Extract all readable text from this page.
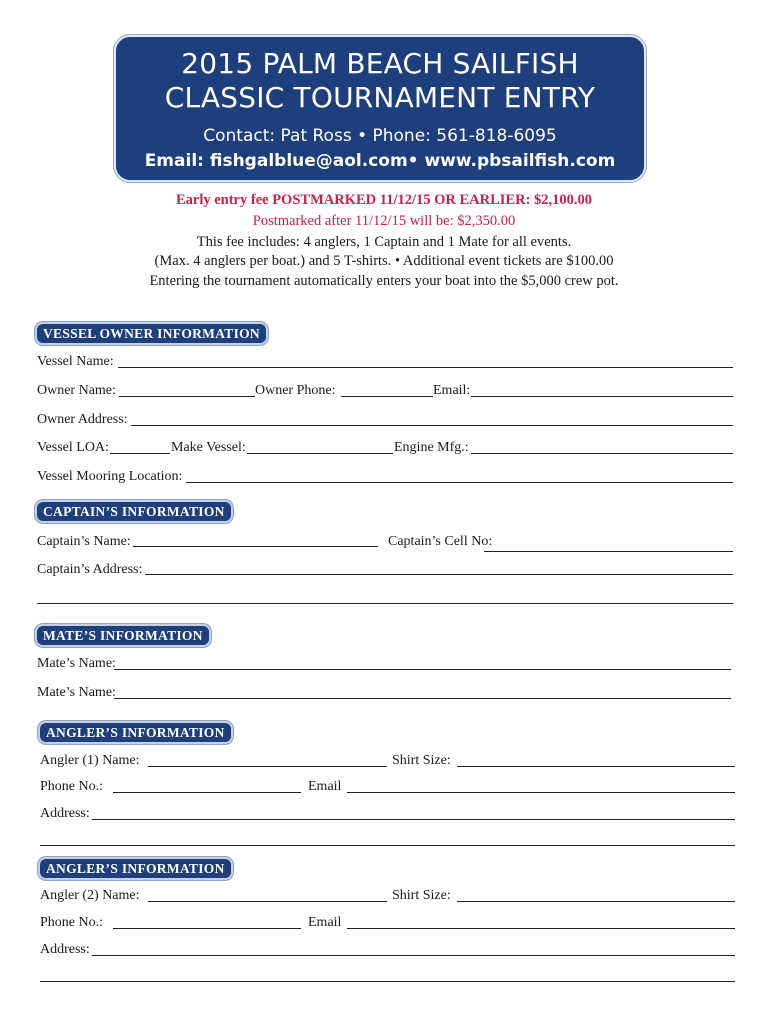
2015 PALM BEACH SAILFISH
CLASSIC TOURNAMENT ENTRY
Contact: Pat Ross • Phone: 561-818-6095
Email: fishgalblue@aol.com• www.pbsailfish.com
Early entry fee POSTMARKED 11/12/15 OR EARLIER: $2,100.00
Postmarked after 11/12/15 will be: $2,350.00
This fee includes: 4 anglers, 1 Captain and 1 Mate for all events.
(Max. 4 anglers per boat.) and 5 T-shirts. • Additional event tickets are $100.00
Entering the tournament automatically enters your boat into the $5,000 crew pot.
VESSEL OWNER INFORMATION
Vessel Name:
Owner Name:	Owner Phone:	Email:
Owner Address:
Vessel LOA:	Make Vessel:	Engine Mfg.:
Vessel Mooring Location:
CAPTAIN’S INFORMATION
Captain’s Name:	Captain’s Cell No:
Captain’s Address:
MATE’S INFORMATION
Mate’s Name:
Mate’s Name:
ANGLER’S INFORMATION
Angler (1) Name:	Shirt Size:
Phone No.:	Email
Address:
ANGLER’S INFORMATION
Angler (2) Name:	Shirt Size:
Phone No.:	Email
Address:
